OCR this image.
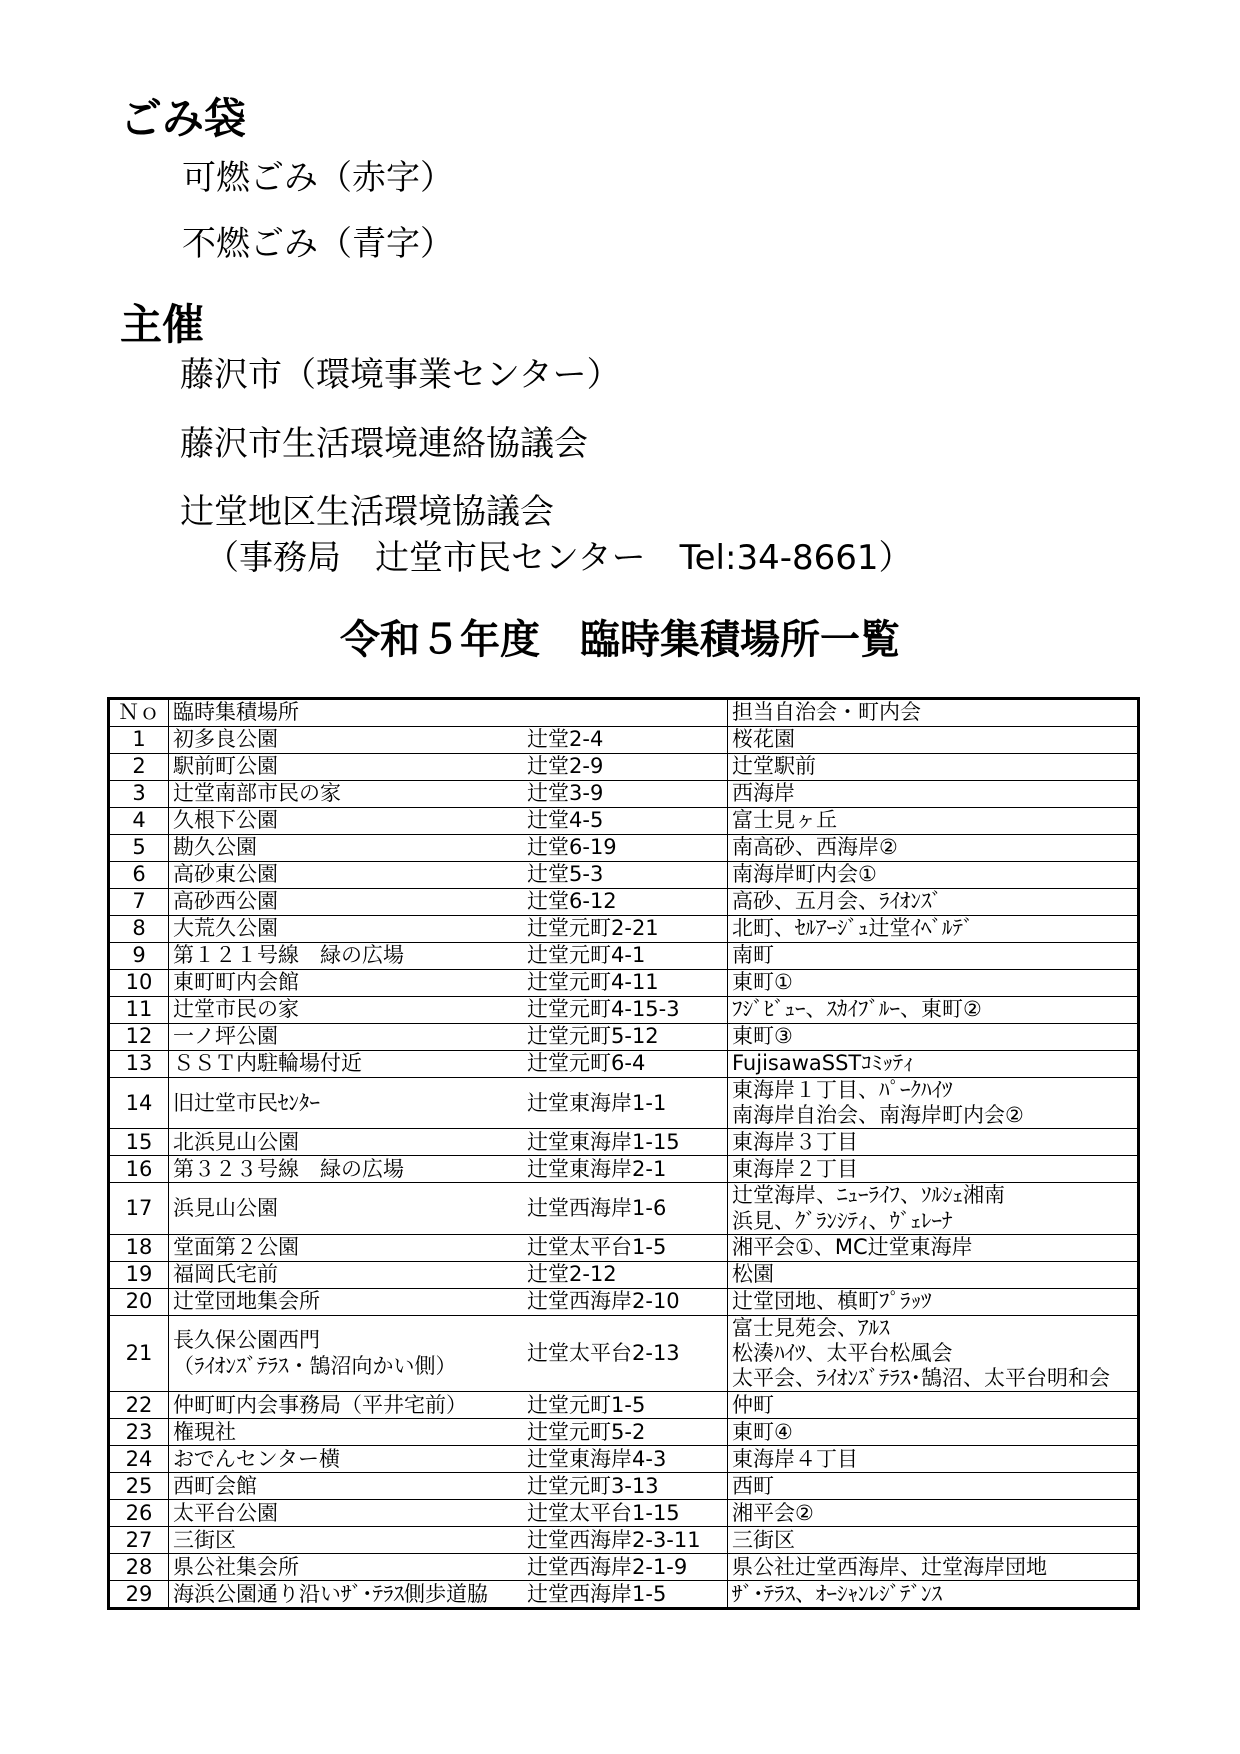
ごみ袋

可燃ごみ（赤字）

不燃ごみ（青字）

主催

藤沢市（環境事業センター）

藤沢市生活環境連絡協議会

辻堂地区生活環境協議会

（事務局　辻堂市民センター　Tel:34-8661）

令和５年度　臨時集積場所一覧
Ｎｏ	臨時集積場所		担当自治会・町内会
1	初多良公園	辻堂2-4	桜花園

2	駅前町公園	辻堂2-9	辻堂駅前

3	辻堂南部市民の家	辻堂3-9	西海岸

4	久根下公園	辻堂4-5	富士見ヶ丘

5	勘久公園	辻堂6-19	南高砂、西海岸②

6	高砂東公園	辻堂5-3	南海岸町内会①

7	高砂西公園	辻堂6-12	高砂、五月会、ﾗｲｵﾝｽﾞ

8	大荒久公園	辻堂元町2-21	北町、ｾﾙｱｰｼﾞｭ辻堂ｲﾍﾞﾙﾃﾞ

9	第１２１号線　緑の広場	辻堂元町4-1	南町

10	東町町内会館	辻堂元町4-11	東町①

11	辻堂市民の家	辻堂元町4-15-3	ﾌｼﾞﾋﾞｭｰ、ｽｶｲﾌﾞﾙｰ、東町②

12	一ノ坪公園	辻堂元町5-12	東町③

13	ＳＳＴ内駐輪場付近	辻堂元町6-4	FujisawaSSTｺﾐｯﾃｨ

14	旧辻堂市民ｾﾝﾀｰ	辻堂東海岸1-1	東海岸１丁目、ﾊﾟｰｸﾊｲﾂ
南海岸自治会、南海岸町内会②

15	北浜見山公園	辻堂東海岸1-15	東海岸３丁目

16	第３２３号線　緑の広場	辻堂東海岸2-1	東海岸２丁目

17	浜見山公園	辻堂西海岸1-6	辻堂海岸、ﾆｭｰﾗｲﾌ、ｿﾙｼｪ湘南
浜見、ｸﾞﾗﾝｼﾃｨ、ｳﾞｪﾚｰﾅ

18	堂面第２公園	辻堂太平台1-5	湘平会①、MC辻堂東海岸

19	福岡氏宅前	辻堂2-12	松園

20	辻堂団地集会所	辻堂西海岸2-10	辻堂団地、槙町ﾌﾟﾗｯﾂ

21	長久保公園西門
（ﾗｲｵﾝｽﾞﾃﾗｽ・鵠沼向かい側）	辻堂太平台2-13	富士見苑会、ｱﾙｽ
松湊ﾊｲﾂ、太平台松風会
太平会、ﾗｲｵﾝｽﾞﾃﾗｽ･鵠沼、太平台明和会

22	仲町町内会事務局（平井宅前）	辻堂元町1-5	仲町

23	権現社	辻堂元町5-2	東町④

24	おでんセンター横	辻堂東海岸4-3	東海岸４丁目

25	西町会館	辻堂元町3-13	西町

26	太平台公園	辻堂太平台1-15	湘平会②

27	三街区	辻堂西海岸2-3-11	三街区

28	県公社集会所	辻堂西海岸2-1-9	県公社辻堂西海岸、辻堂海岸団地

29	海浜公園通り沿いｻﾞ･ﾃﾗｽ側歩道脇	辻堂西海岸1-5	ｻﾞ･ﾃﾗｽ、ｵｰｼｬﾝﾚｼﾞﾃﾞﾝｽ
